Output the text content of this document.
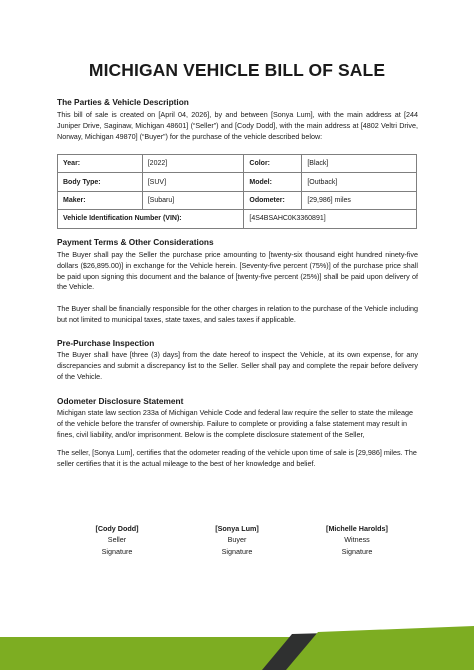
MICHIGAN VEHICLE BILL OF SALE
The Parties & Vehicle Description

This bill of sale is created on [April 04, 2026], by and between [Sonya Lum], with the main address at [244 Juniper Drive, Saginaw, Michigan 48601] (“Seller”) and [Cody Dodd], with the main address at [4802 Veltri Drive, Norway, Michigan 49870] (“Buyer”) for the purchase of the vehicle described below:

Year:	[2022]	Color:	[Black]
Body Type:	[SUV]	Model:	[Outback]
Maker:	[Subaru]	Odometer:	[29,986] miles
Vehicle Identification Number (VIN):		[4S4BSAHC0K3360891]	
Payment Terms & Other Considerations

The Buyer shall pay the Seller the purchase price amounting to [twenty-six thousand eight hundred ninety-five dollars ($26,895.00)] in exchange for the Vehicle herein. [Seventy-five percent (75%)] of the purchase price shall be paid upon signing this document and the balance of [twenty-five percent (25%)] shall be paid upon delivery of the Vehicle.

The Buyer shall be financially responsible for the other charges in relation to the purchase of the Vehicle including but not limited to municipal taxes, state taxes, and sales taxes if applicable.

Pre-Purchase Inspection

The Buyer shall have [three (3) days] from the date hereof to inspect the Vehicle, at its own expense, for any discrepancies and submit a discrepancy list to the Seller. Seller shall pay and complete the repair before delivery of the Vehicle.

Odometer Disclosure Statement

Michigan state law section 233a of Michigan Vehicle Code and federal law require the seller to state the mileage of the vehicle before the transfer of ownership. Failure to complete or providing a false statement may result in fines, civil liability, and/or imprisonment. Below is the complete disclosure statement of the Seller,

The seller, [Sonya Lum], certifies that the odometer reading of the vehicle upon time of sale is [29,986] miles. The seller certifies that it is the actual mileage to the best of her knowledge and belief.

[Cody Dodd]
Seller
Signature
[Sonya Lum]
Buyer
Signature
[Michelle Harolds]
Witness
Signature
